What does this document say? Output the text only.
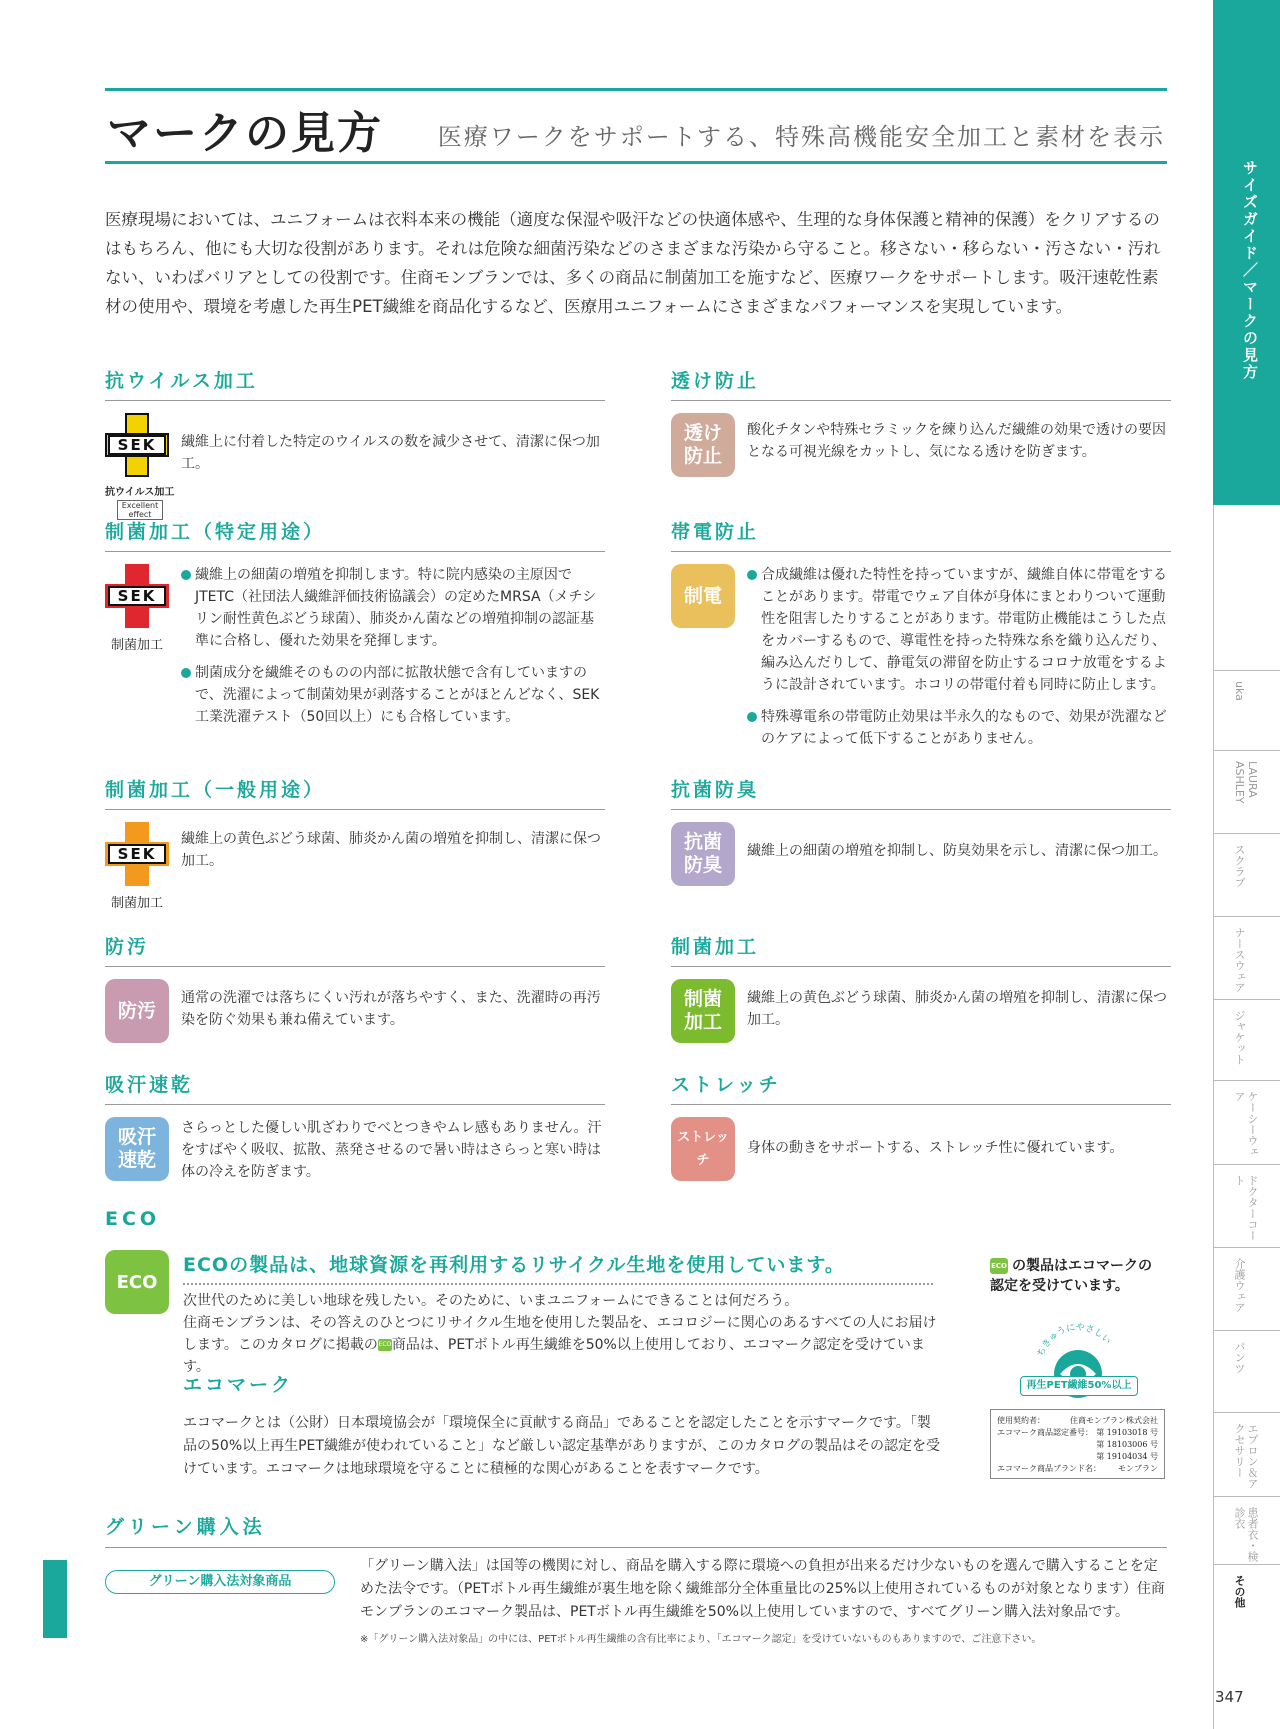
マークの見方 医療ワークをサポートする、特殊高機能安全加工と素材を表示
医療現場においては、ユニフォームは衣料本来の機能（適度な保湿や吸汗などの快適体感や、生理的な身体保護と精神的保護）をクリアするのはもちろん、他にも大切な役割があります。それは危険な細菌汚染などのさまざまな汚染から守ること。移さない・移らない・汚さない・汚れない、いわばバリアとしての役割です。住商モンブランでは、多くの商品に制菌加工を施すなど、医療ワークをサポートします。吸汗速乾性素材の使用や、環境を考慮した再生PET繊維を商品化するなど、医療用ユニフォームにさまざまなパフォーマンスを実現しています。
抗ウイルス加工
SEK
抗ウイルス加工
Excellent effect

繊維上に付着した特定のウイルスの数を減少させて、清潔に保つ加工。

透け防止
透け
防止

酸化チタンや特殊セラミックを練り込んだ繊維の効果で透けの要因となる可視光線をカットし、気になる透けを防ぎます。

制菌加工（特定用途）
SEK
制菌加工

繊維上の細菌の増殖を抑制します。特に院内感染の主原因でJTETC（社団法人繊維評価技術協議会）の定めたMRSA（メチシリン耐性黄色ぶどう球菌）、肺炎かん菌などの増殖抑制の認証基準に合格し、優れた効果を発揮します。

制菌成分を繊維そのものの内部に拡散状態で含有していますので、洗濯によって制菌効果が剥落することがほとんどなく、SEK工業洗濯テスト（50回以上）にも合格しています。

帯電防止
制電

合成繊維は優れた特性を持っていますが、繊維自体に帯電をすることがあります。帯電でウェア自体が身体にまとわりついて運動性を阻害したりすることがあります。帯電防止機能はこうした点をカバーするもので、導電性を持った特殊な糸を織り込んだり、編み込んだりして、静電気の滞留を防止するコロナ放電をするように設計されています。ホコリの帯電付着も同時に防止します。

特殊導電糸の帯電防止効果は半永久的なもので、効果が洗濯などのケアによって低下することがありません。

制菌加工（一般用途）
SEK
制菌加工

繊維上の黄色ぶどう球菌、肺炎かん菌の増殖を抑制し、清潔に保つ加工。

抗菌防臭
抗菌
防臭

繊維上の細菌の増殖を抑制し、防臭効果を示し、清潔に保つ加工。

防汚
防汚

通常の洗濯では落ちにくい汚れが落ちやすく、また、洗濯時の再汚染を防ぐ効果も兼ね備えています。

制菌加工
制菌
加工

繊維上の黄色ぶどう球菌、肺炎かん菌の増殖を抑制し、清潔に保つ加工。

吸汗速乾
吸汗
速乾

さらっとした優しい肌ざわりでべとつきやムレ感もありません。汗をすばやく吸収、拡散、蒸発させるので暑い時はさらっと寒い時は体の冷えを防ぎます。

ストレッチ
ストレッチ

身体の動きをサポートする、ストレッチ性に優れています。

ECO
ECO
ECOの製品は、地球資源を再利用するリサイクル生地を使用しています。
次世代のために美しい地球を残したい。そのために、いまユニフォームにできることは何だろう。
住商モンブランは、その答えのひとつにリサイクル生地を使用した製品を、エコロジーに関心のあるすべての人にお届けします。このカタログに掲載のECO商品は、PETボトル再生繊維を50%以上使用しており、エコマーク認定を受けています。
エコマーク
エコマークとは（公財）日本環境協会が「環境保全に貢献する商品」であることを認定したことを示すマークです。「製品の50%以上再生PET繊維が使われていること」など厳しい認定基準がありますが、このカタログの製品はその認定を受けています。エコマークは地球環境を守ることに積極的な関心があることを表すマークです。
ECO の製品はエコマークの認定を受けています。
ちきゅうにやさしい
再生PET繊維50%以上
使用契約者：	住商モンブラン株式会社
エコマーク商品認定番号： 第 19103018 号
第 18103006 号
第 19104034 号
エコマーク商品ブランド名： モンブラン
グリーン購入法
グリーン購入法対象商品
「グリーン購入法」は国等の機関に対し、商品を購入する際に環境への負担が出来るだけ少ないものを選んで購入することを定めた法令です。（PETボトル再生繊維が裏生地を除く繊維部分全体重量比の25%以上使用されているものが対象となります）住商モンブランのエコマーク製品は、PETボトル再生繊維を50%以上使用していますので、すべてグリーン購入法対象品です。
※「グリーン購入法対象品」の中には、PETボトル再生繊維の含有比率により、「エコマーク認定」を受けていないものもありますので、ご注意下さい。
サイズガイド／マークの見方
uka
LAURA ASHLEY
スクラブ
ナースウェア
ジャケット
ケーシーウェア
ドクターコート
介護ウェア
パンツ
エプロン＆アクセサリー
患者衣・検診衣
その他
347
